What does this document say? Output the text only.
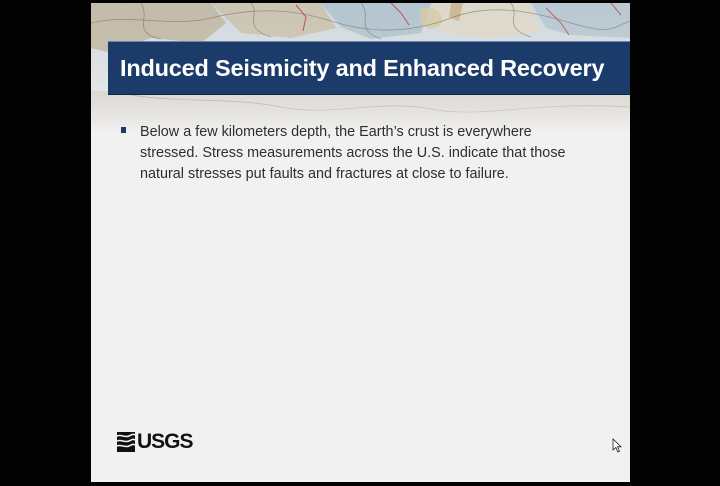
Induced Seismicity and Enhanced Recovery
Below a few kilometers depth, the Earth’s crust is everywhere
stressed. Stress measurements across the U.S. indicate that those
natural stresses put faults and fractures at close to failure.
USGS
